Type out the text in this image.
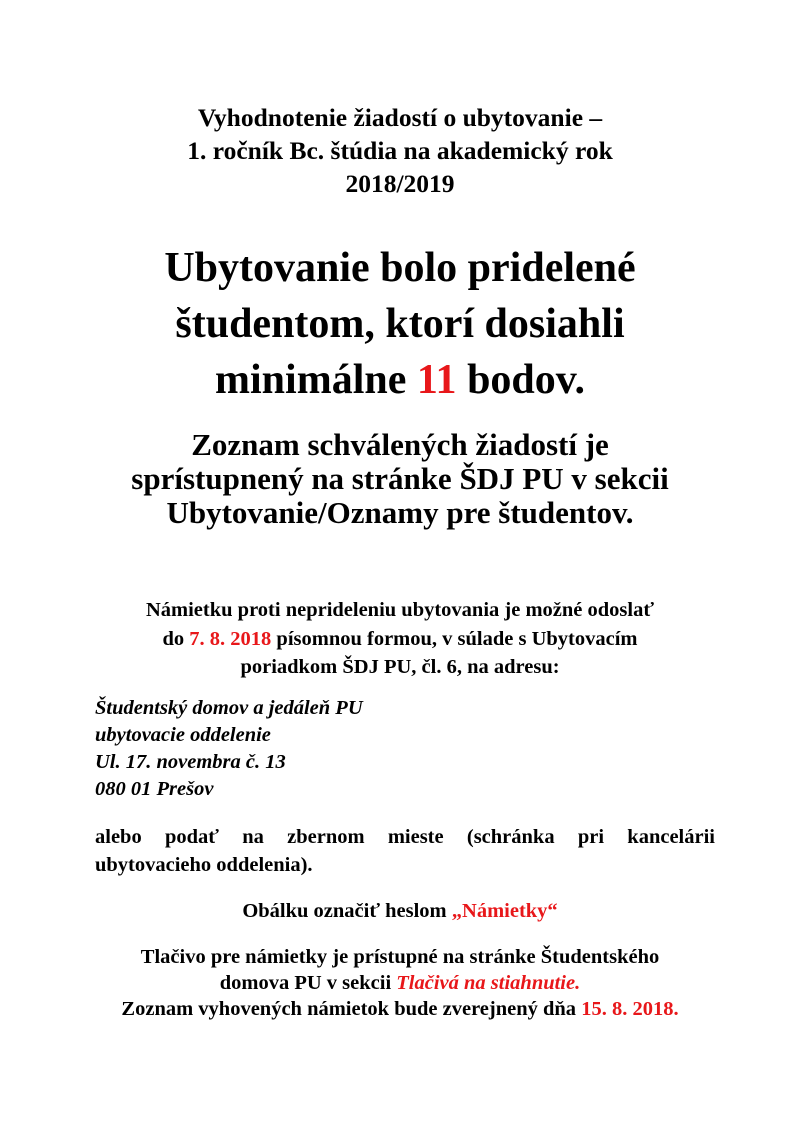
Vyhodnotenie žiadostí o ubytovanie –
1. ročník Bc. štúdia na akademický rok
2018/2019
Ubytovanie bolo pridelené
študentom, ktorí dosiahli
minimálne 11 bodov.
Zoznam schválených žiadostí je
sprístupnený na stránke ŠDJ PU v sekcii
Ubytovanie/Oznamy pre študentov.
Námietku proti neprideleniu ubytovania je možné odoslať
do 7. 8. 2018 písomnou formou, v súlade s Ubytovacím
poriadkom ŠDJ PU, čl. 6, na adresu:
Študentský domov a jedáleň PU
ubytovacie oddelenie
Ul. 17. novembra č. 13
080 01 Prešov
alebo podať na zbernom mieste (schránka pri kancelárii
ubytovacieho oddelenia).
Obálku označiť heslom „Námietky“
Tlačivo pre námietky je prístupné na stránke Študentského
domova PU v sekcii Tlačivá na stiahnutie.
Zoznam vyhovených námietok bude zverejnený dňa 15. 8. 2018.
